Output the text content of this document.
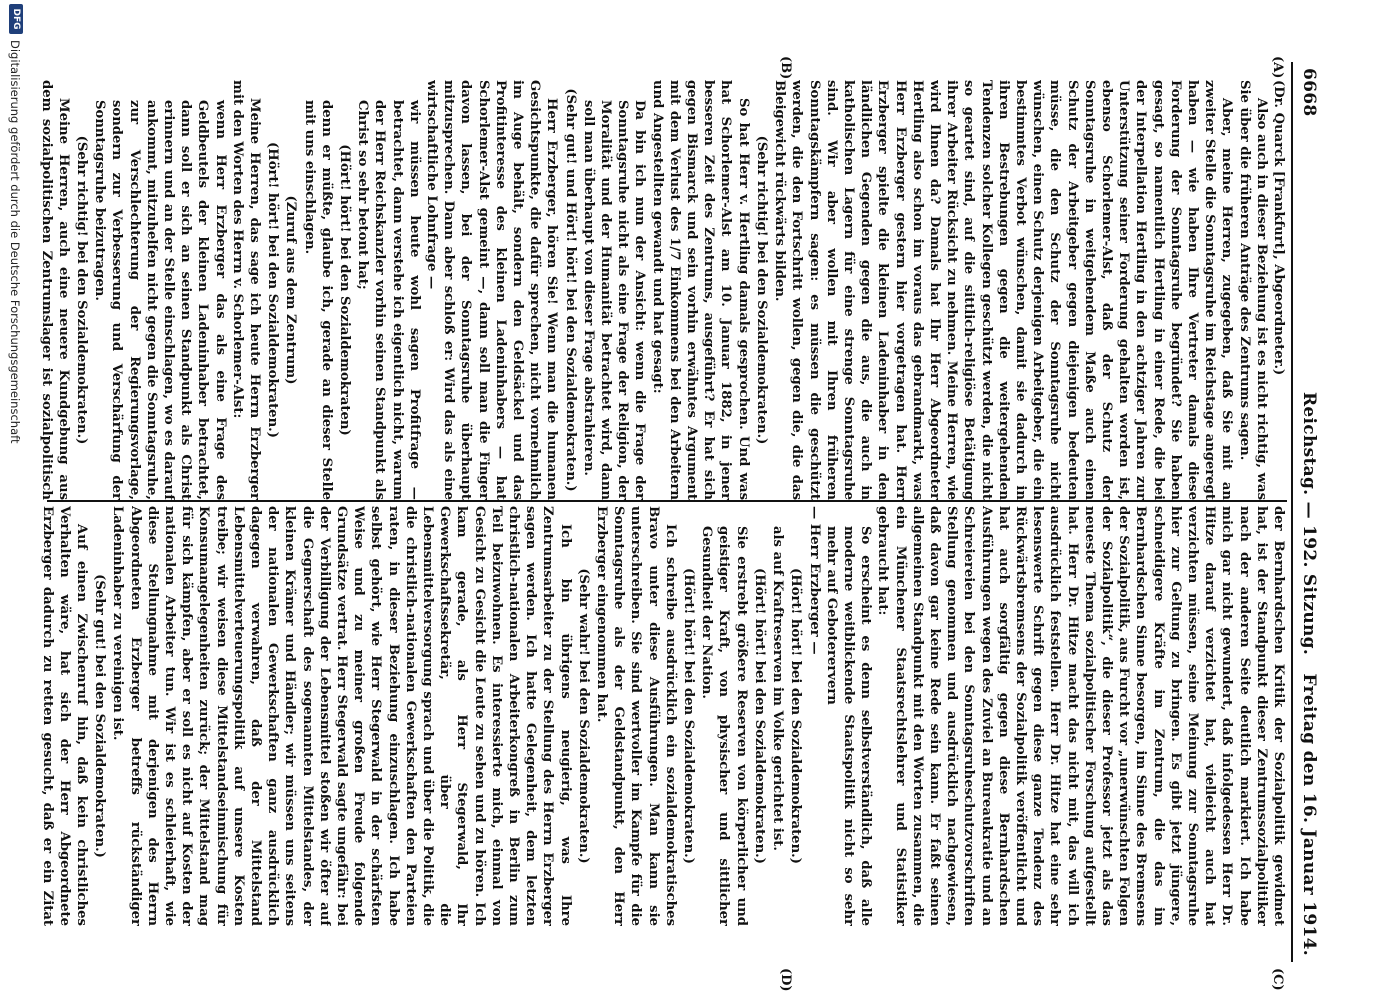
6668
Reichstag. — 192. Sitzung.
Freitag den 16. Januar 1914.
(A)
(B)
(C)
(D)

(Dr. Quarck [Frankfurt], Abgeordneter.)

Also auch in dieser Beziehung ist es nicht richtig, was Sie über die früheren Anträge des Zentrums sagen.

Aber, meine Herren, zugegeben, daß Sie mit an zweiter Stelle die Sonntagsruhe im Reichstage angeregt haben — wie haben Ihre Vertreter damals diese Forderung der Sonntagsruhe begründet? Sie haben gesagt, so namentlich Hertling in einer Rede, die bei der Interpellation Hertling in den achtziger Jahren zur Unterstützung seiner Forderung gehalten worden ist, ebenso Schorlemer-Alst, daß der Schutz der Sonntagsruhe in weitgehendem Maße auch einen Schutz der Arbeitgeber gegen diejenigen bedeuten müsse, die den Schutz der Sonntagsruhe nicht wünschen, einen Schutz derjenigen Arbeitgeber, die ein bestimmtes Verbot wünschen, damit sie dadurch in ihren Bestrebungen gegen die weitergehenden Tendenzen solcher Kollegen geschützt werden, die nicht so geartet sind, auf die sittlich-religiöse Betätigung ihrer Arbeiter Rücksicht zu nehmen. Meine Herren, wie wird Ihnen da? Damals hat Ihr Herr Abgeordneter Hertling also schon im voraus das gebrandmarkt, was Herr Erzberger gestern hier vorgetragen hat. Herr Erzberger spielte die kleinen Ladeninhaber in den ländlichen Gegenden gegen die aus, die auch in katholischen Lagern für eine strenge Sonntagsruhe sind. Wir aber wollen mit Ihren früheren Sonntagskämpfern sagen: es müssen die geschützt werden, die den Fortschritt wollen, gegen die, die das Bleigewicht rückwärts bilden.

(Sehr richtig! bei den Sozialdemokraten.)

So hat Herr v. Hertling damals gesprochen. Und was hat Schorlemer-Alst am 10. Januar 1882, in jener besseren Zeit des Zentrums, ausgeführt? Er hat sich gegen Bismarck und sein vorhin erwähntes Argument mit dem Verlust des 1/7 Einkommens bei den Arbeitern und Angestellten gewandt und hat gesagt:

Da bin ich nun der Ansicht: wenn die Frage der Sonntagsruhe nicht als eine Frage der Religion, der Moralität und der Humanität betrachtet wird, dann soll man überhaupt von dieser Frage abstrahieren.

(Sehr gut! und Hört! hört! bei den Sozialdemokraten.)

Herr Erzberger, hören Sie! Wenn man die humanen Gesichtspunkte, die dafür sprechen, nicht vornehmlich im Auge behält, sondern den Geldsäckel und das Profitinteresse des kleinen Ladeninhabers — hat Schorlemer-Alst gemeint —, dann soll man die Finger davon lassen, bei der Sonntagsruhe überhaupt mitzusprechen. Dann aber schloß er: Wird das als eine wirtschaftliche Lohnfrage —

wir müssen heute wohl sagen Profitfrage — betrachtet, dann verstehe ich eigentlich nicht, warum der Herr Reichskanzler vorhin seinen Standpunkt als Christ so sehr betont hat;

(Hört! hört! bei den Sozialdemokraten)

denn er müßte, glaube ich, gerade an dieser Stelle mit uns einschlagen.

(Zuruf aus dem Zentrum)

(Hört! hört! bei den Sozialdemokraten.)

Meine Herren, das sage ich heute Herrn Erzberger mit den Worten des Herrn v. Schorlemer-Alst:

wenn Herr Erzberger das als eine Frage des Geldbeutels der kleinen Ladeninhaber betrachtet, dann soll er sich an seinen Standpunkt als Christ erinnern und an der Stelle einschlagen, wo es darauf ankommt, mitzuhelfen nicht gegen die Sonntagsruhe, zur Verschlechterung der Regierungsvorlage, sondern zur Verbesserung und Verschärfung der Sonntagsruhe beizutragen.

(Sehr richtig! bei den Sozialdemokraten.)

Meine Herren, auch eine neuere Kundgebung aus dem sozialpolitischen Zentrumslager ist sozialpolitisch

der Bernhardschen Kritik der Sozialpolitik gewidmet hat, ist der Standpunkt dieser Zentrumssozialpolitiker nach der anderen Seite deutlich markiert. Ich habe mich gar nicht gewundert, daß infolgedessen Herr Dr. Hitze darauf verzichtet hat, vielleicht auch hat verzichten müssen, seine Meinung zur Sonntagsruhe hier zur Geltung zu bringen. Es gibt jetzt jüngere, schneidigere Kräfte im Zentrum, die das im Bernhardschen Sinne besorgen, im Sinne des Bremsens der Sozialpolitik, aus Furcht vor „unerwünschten Folgen der Sozialpolitik“, die dieser Professor jetzt als das neueste Thema sozialpolitischer Forschung aufgestellt hat. Herr Dr. Hitze macht das nicht mit, das will ich ausdrücklich feststellen. Herr Dr. Hitze hat eine sehr lesenswerte Schrift gegen diese ganze Tendenz des Rückwärtsbremsens der Sozialpolitik veröffentlicht und hat auch sorgfältig gegen diese Bernhardschen Ausführungen wegen des Zuviel an Bureaukratie und an Schreiereien bei den Sonntagsruheschutzvorschriften Stellung genommen und ausdrücklich nachgewiesen, daß davon gar keine Rede sein kann. Er faßt seinen allgemeinen Standpunkt mit den Worten zusammen, die ein Münchener Staatsrechtslehrer und Statistiker gebraucht hat:

So erscheint es denn selbstverständlich, daß alle moderne weitblickende Staatspolitik nicht so sehr mehr auf Geboterervern

— Herr Erzberger —

(Hört! hört! bei den Sozialdemokraten.)

als auf Kraftreserven im Volke gerichtet ist.

(Hört! hört! bei den Sozialdemokraten.)

Sie erstrebt größere Reserven von körperlicher und geistiger Kraft, von physischer und sittlicher Gesundheit der Nation.

(Hört! hört! bei den Sozialdemokraten.)

Ich schreibe ausdrücklich ein sozialdemokratisches Bravo unter diese Ausführungen. Man kann sie unterschreiben. Sie sind wertvoller im Kampfe für die Sonntagsruhe als der Geldstandpunkt, den Herr Erzberger eingenommen hat.

(Sehr wahr! bei den Sozialdemokraten.)

Ich bin übrigens neugierig, was Ihre Zentrumsarbeiter zu der Stellung des Herrn Erzberger sagen werden. Ich hatte Gelegenheit, dem letzten christlich-nationalen Arbeiterkongreß in Berlin zum Teil beizuwohnen. Es interessierte mich, einmal von Gesicht zu Gesicht die Leute zu sehen und zu hören. Ich kam gerade, als Herr Stegerwald, Ihr Gewerkschaftssekretär, über die Lebensmittelversorgung sprach und über die Politik, die die christlich-nationalen Gewerkschaften den Parteien raten, in dieser Beziehung einzuschlagen. Ich habe selbst gehört, wie Herr Stegerwald in der schärfsten Weise und zu meiner großen Freude folgende Grundsätze vertrat. Herr Stegerwald sagte ungefähr: bei der Verbilligung der Lebensmittel stoßen wir öfter auf die Gegnerschaft des sogenannten Mittelstandes, der kleinen Krämer und Händler; wir müssen uns seitens der nationalen Gewerkschaften ganz ausdrücklich dagegen verwahren, daß der Mittelstand Lebensmittelverteuerungspolitik auf unsere Kosten treibe; wir weisen diese Mittelstandseinmischung für Konsumangelegenheiten zurück; der Mittelstand mag für sich kämpfen, aber er soll es nicht auf Kosten der nationalen Arbeiter tun. Wir ist es schleierhaft, wie diese Stellungnahme mit derjenigen des Herrn Abgeordneten Erzberger betreffs rückständiger Ladeninhaber zu vereinigen ist.

(Sehr gut! bei den Sozialdemokraten.)

Auf einen Zwischenruf hin, daß kein christliches Verhalten wäre, hat sich der Herr Abgeordnete Erzberger dadurch zu retten gesucht, daß er ein Zitat

DFG
Digitalisierung gefördert durch die Deutsche Forschungsgemeinschaft
